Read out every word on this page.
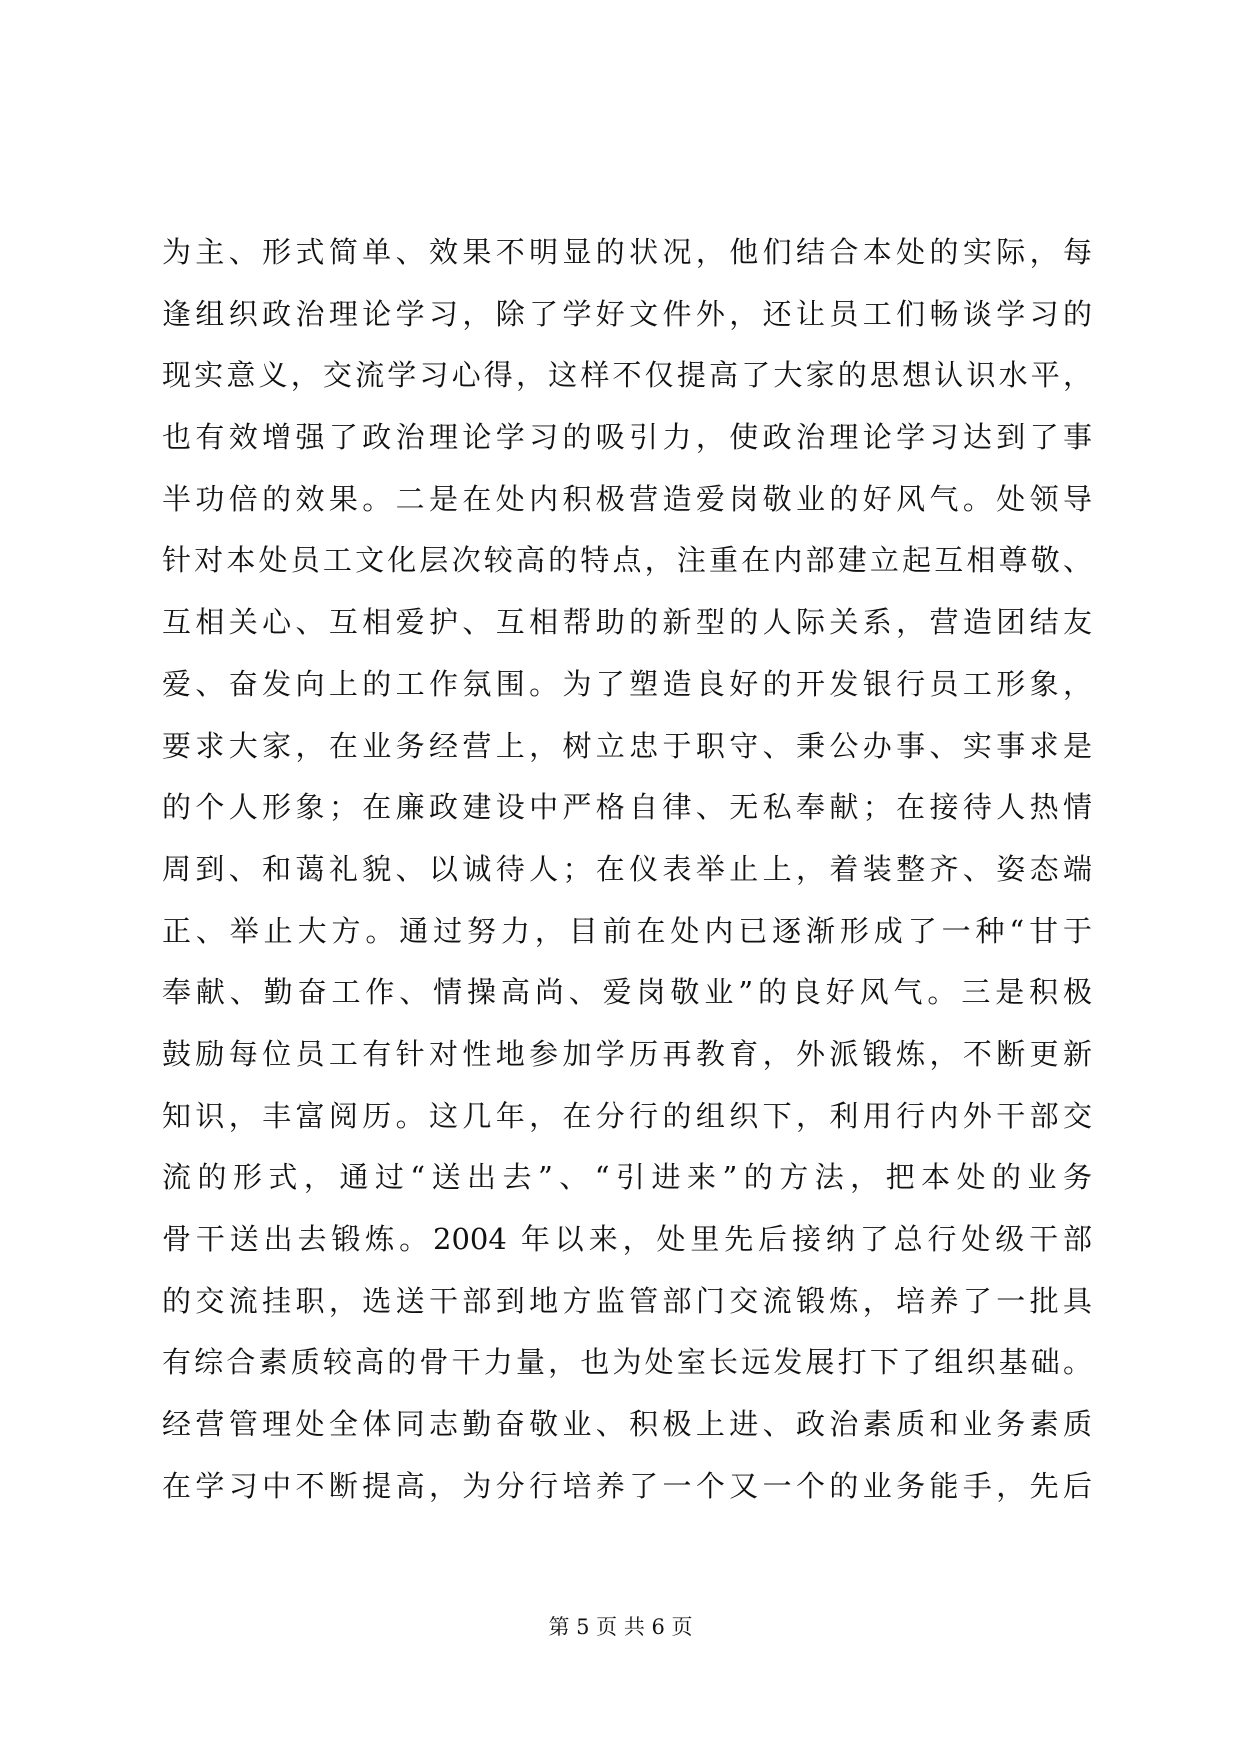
为主、形式简单、效果不明显的状况，他们结合本处的实际，每
逢组织政治理论学习，除了学好文件外，还让员工们畅谈学习的
现实意义，交流学习心得，这样不仅提高了大家的思想认识水平，
也有效增强了政治理论学习的吸引力，使政治理论学习达到了事
半功倍的效果。二是在处内积极营造爱岗敬业的好风气。处领导
针对本处员工文化层次较高的特点，注重在内部建立起互相尊敬、
互相关心、互相爱护、互相帮助的新型的人际关系，营造团结友
爱、奋发向上的工作氛围。为了塑造良好的开发银行员工形象，
要求大家，在业务经营上，树立忠于职守、秉公办事、实事求是
的个人形象；在廉政建设中严格自律、无私奉献；在接待人热情
周到、和蔼礼貌、以诚待人；在仪表举止上，着装整齐、姿态端
正、举止大方。通过努力，目前在处内已逐渐形成了一种“甘于
奉献、勤奋工作、情操高尚、爱岗敬业”的良好风气。三是积极
鼓励每位员工有针对性地参加学历再教育，外派锻炼，不断更新
知识，丰富阅历。这几年，在分行的组织下，利用行内外干部交
流的形式，通过“送出去”、“引进来”的方法，把本处的业务
骨干送出去锻炼。2004 年以来，处里先后接纳了总行处级干部
的交流挂职，选送干部到地方监管部门交流锻炼，培养了一批具
有综合素质较高的骨干力量，也为处室长远发展打下了组织基础。
经营管理处全体同志勤奋敬业、积极上进、政治素质和业务素质
在学习中不断提高，为分行培养了一个又一个的业务能手，先后
第 5 页 共 6 页
